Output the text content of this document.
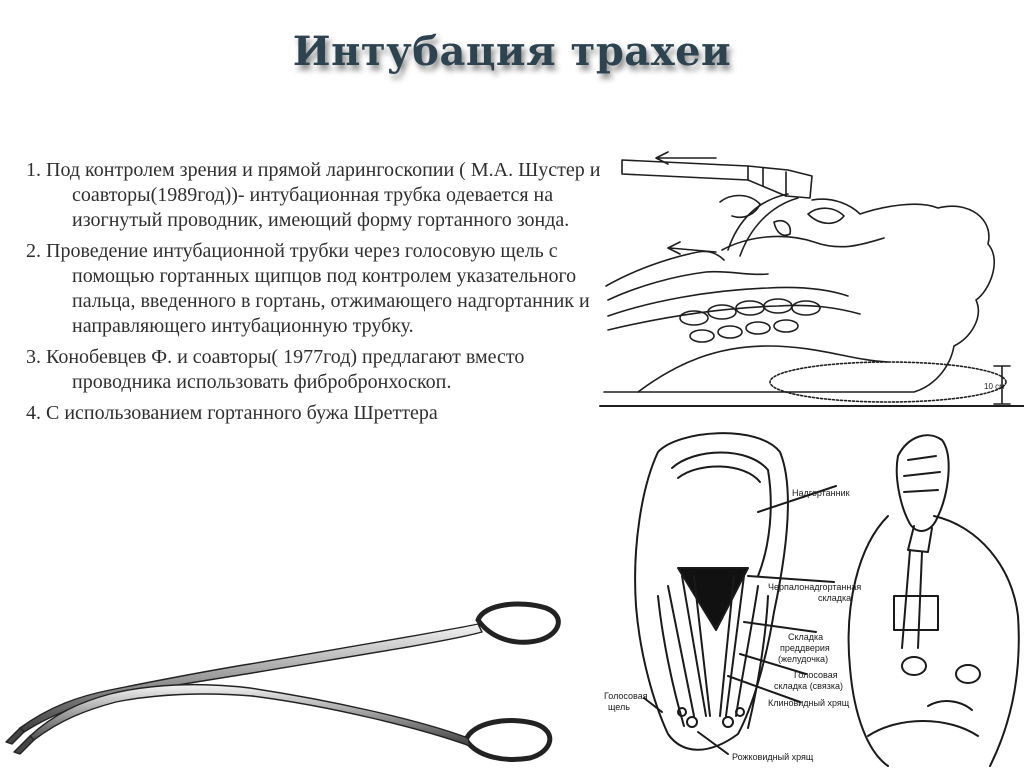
Интубация трахеи

1. Под контролем зрения и прямой ларингоскопии ( М.А. Шустер и соавторы(1989год))- интубационная трубка одевается на изогнутый проводник, имеющий форму гортанного зонда.

2. Проведение интубационной трубки через голосовую щель с помощью гортанных щипцов под контролем указательного пальца, введенного в гортань, отжимающего надгортанник и направляющего интубационную трубку.

3. Конобевцев Ф. и соавторы( 1977год) предлагают вместо проводника использовать фибробронхоскоп.

4. С использованием гортанного бужа Шреттера

10 см
Надгортанник
Черпалонадгортанная
складка
Складка
преддверия
(желудочка)
Голосовая
складка (связка)
Клиновидный хрящ
Голосовая
щель
Рожковидный хрящ
